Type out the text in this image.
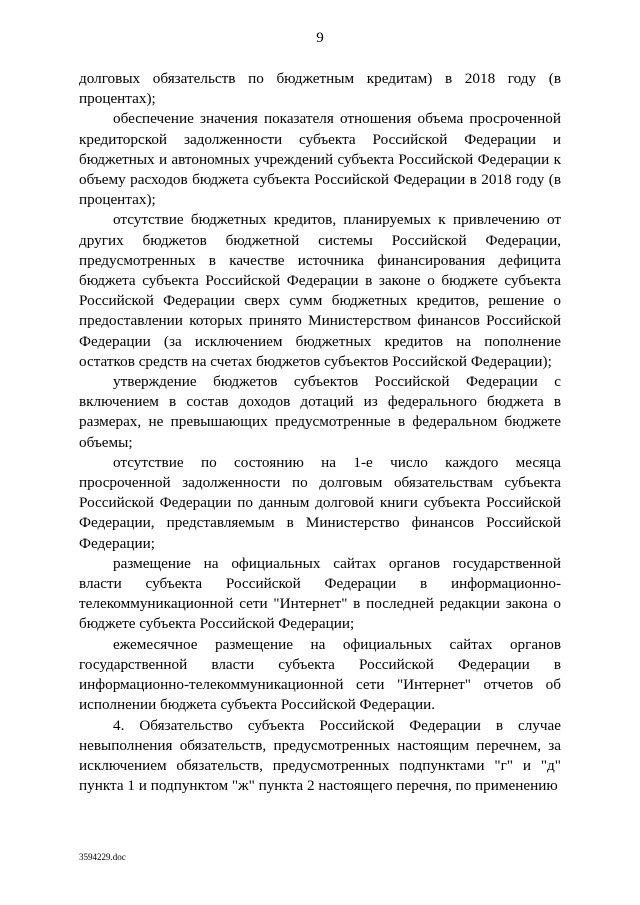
9

долговых обязательств по бюджетным кредитам) в 2018 году (в процентах);

обеспечение значения показателя отношения объема просроченной кредиторской задолженности субъекта Российской Федерации и бюджетных и автономных учреждений субъекта Российской Федерации к объему расходов бюджета субъекта Российской Федерации в 2018 году (в процентах);

отсутствие бюджетных кредитов, планируемых к привлечению от других бюджетов бюджетной системы Российской Федерации, предусмотренных в качестве источника финансирования дефицита бюджета субъекта Российской Федерации в законе о бюджете субъекта Российской Федерации сверх сумм бюджетных кредитов, решение о предоставлении которых принято Министерством финансов Российской Федерации (за исключением бюджетных кредитов на пополнение остатков средств на счетах бюджетов субъектов Российской Федерации);

утверждение бюджетов субъектов Российской Федерации с включением в состав доходов дотаций из федерального бюджета в размерах, не превышающих предусмотренные в федеральном бюджете объемы;

отсутствие по состоянию на 1-е число каждого месяца просроченной задолженности по долговым обязательствам субъекта Российской Федерации по данным долговой книги субъекта Российской Федерации, представляемым в Министерство финансов Российской Федерации;

размещение на официальных сайтах органов государственной власти субъекта Российской Федерации в информационно-телекоммуникационной сети "Интернет" в последней редакции закона о бюджете субъекта Российской Федерации;

ежемесячное размещение на официальных сайтах органов государственной власти субъекта Российской Федерации в информационно-телекоммуникационной сети "Интернет" отчетов об исполнении бюджета субъекта Российской Федерации.

4. Обязательство субъекта Российской Федерации в случае невыполнения обязательств, предусмотренных настоящим перечнем, за исключением обязательств, предусмотренных подпунктами "г" и "д" пункта 1 и подпунктом "ж" пункта 2 настоящего перечня, по применению

3594229.doc
